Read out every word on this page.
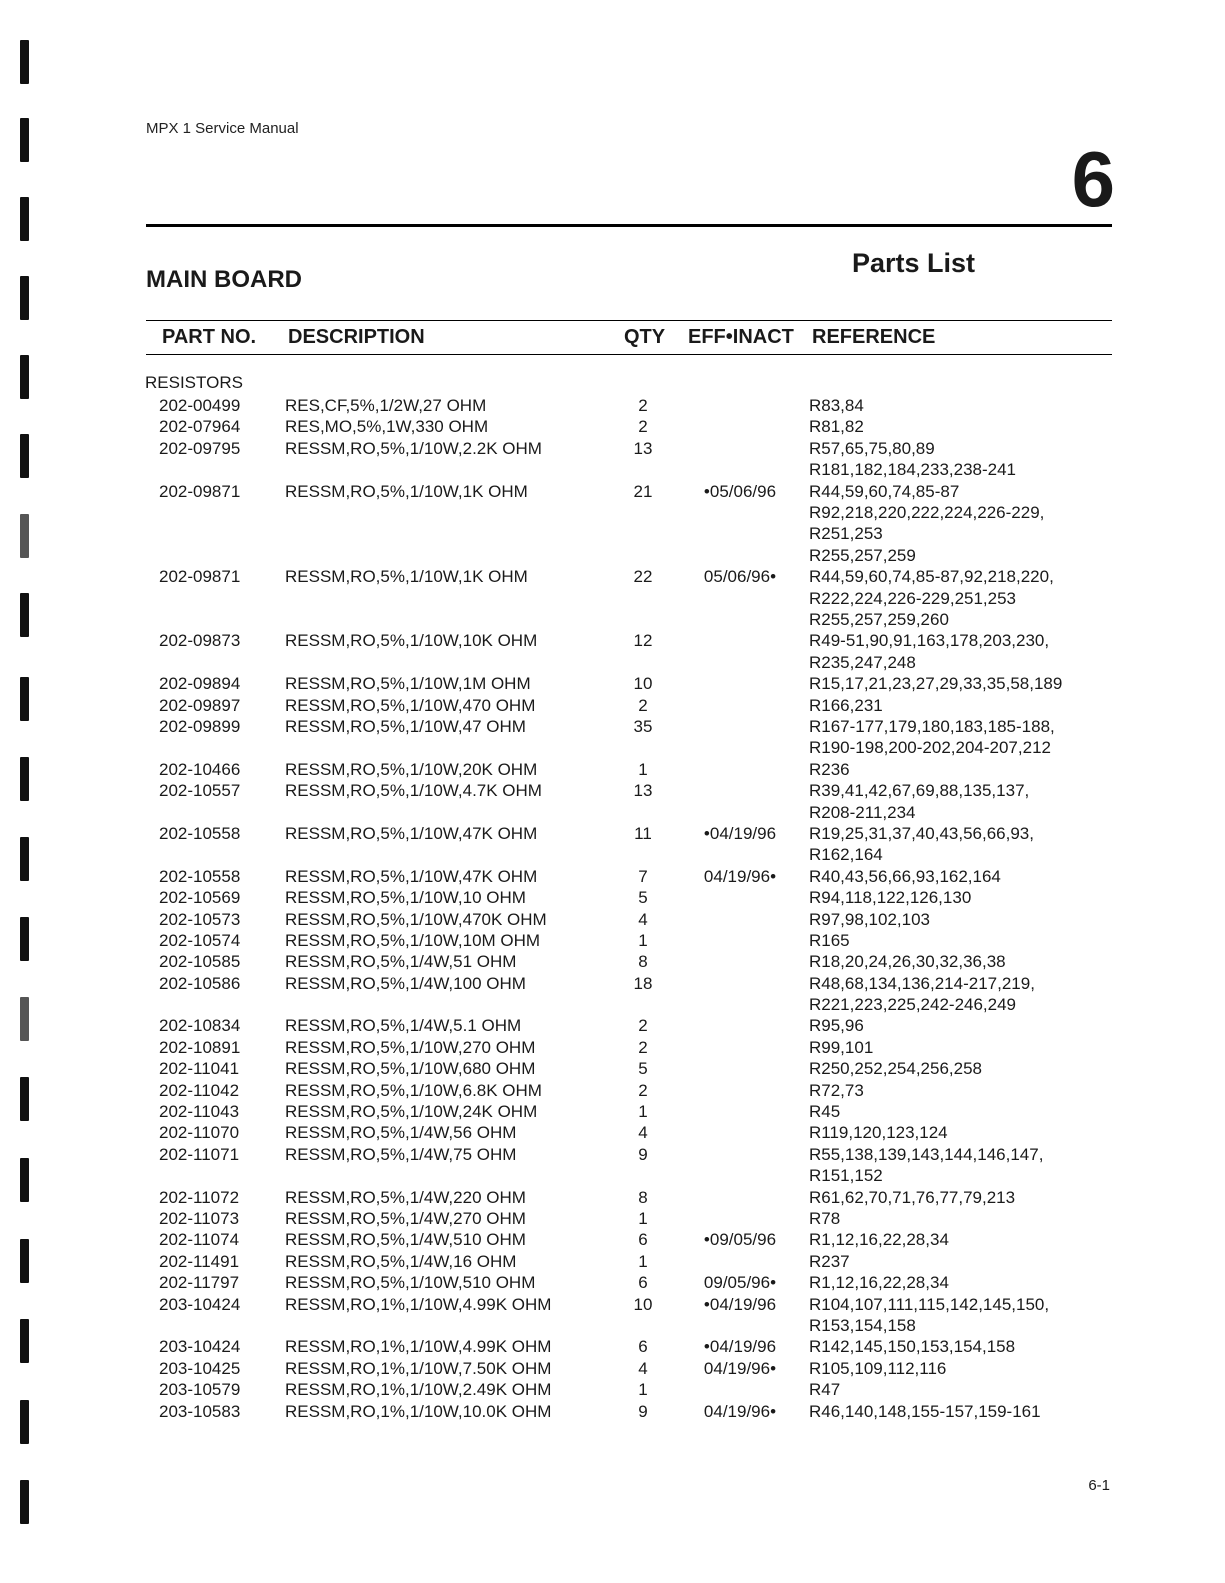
MPX 1 Service Manual
6
Parts List
MAIN BOARD
PART NO. DESCRIPTION	QTY EFF•INACT REFERENCE
RESISTORS
202-00499	RES,CF,5%,1/2W,27 OHM	2	R83,84
202-07964	RES,MO,5%,1W,330 OHM	2	R81,82
202-09795	RESSM,RO,5%,1/10W,2.2K OHM	13	R57,65,75,80,89
R181,182,184,233,238-241
202-09871	RESSM,RO,5%,1/10W,1K OHM	21	•05/06/96	R44,59,60,74,85-87
R92,218,220,222,224,226-229,
R251,253
R255,257,259
202-09871	RESSM,RO,5%,1/10W,1K OHM	22	05/06/96•	R44,59,60,74,85-87,92,218,220,
R222,224,226-229,251,253
R255,257,259,260
202-09873	RESSM,RO,5%,1/10W,10K OHM	12	R49-51,90,91,163,178,203,230,
R235,247,248
202-09894	RESSM,RO,5%,1/10W,1M OHM	10	R15,17,21,23,27,29,33,35,58,189
202-09897	RESSM,RO,5%,1/10W,470 OHM	2	R166,231
202-09899	RESSM,RO,5%,1/10W,47 OHM	35	R167-177,179,180,183,185-188,
R190-198,200-202,204-207,212
202-10466	RESSM,RO,5%,1/10W,20K OHM	1	R236
202-10557	RESSM,RO,5%,1/10W,4.7K OHM	13	R39,41,42,67,69,88,135,137,
R208-211,234
202-10558	RESSM,RO,5%,1/10W,47K OHM	11	•04/19/96	R19,25,31,37,40,43,56,66,93,
R162,164
202-10558	RESSM,RO,5%,1/10W,47K OHM	7	04/19/96•	R40,43,56,66,93,162,164
202-10569	RESSM,RO,5%,1/10W,10 OHM	5	R94,118,122,126,130
202-10573	RESSM,RO,5%,1/10W,470K OHM	4	R97,98,102,103
202-10574	RESSM,RO,5%,1/10W,10M OHM	1	R165
202-10585	RESSM,RO,5%,1/4W,51 OHM	8	R18,20,24,26,30,32,36,38
202-10586	RESSM,RO,5%,1/4W,100 OHM	18	R48,68,134,136,214-217,219,
R221,223,225,242-246,249
202-10834	RESSM,RO,5%,1/4W,5.1 OHM	2	R95,96
202-10891	RESSM,RO,5%,1/10W,270 OHM	2	R99,101
202-11041	RESSM,RO,5%,1/10W,680 OHM	5	R250,252,254,256,258
202-11042	RESSM,RO,5%,1/10W,6.8K OHM	2	R72,73
202-11043	RESSM,RO,5%,1/10W,24K OHM	1	R45
202-11070	RESSM,RO,5%,1/4W,56 OHM	4	R119,120,123,124
202-11071	RESSM,RO,5%,1/4W,75 OHM	9	R55,138,139,143,144,146,147,
R151,152
202-11072	RESSM,RO,5%,1/4W,220 OHM	8	R61,62,70,71,76,77,79,213
202-11073	RESSM,RO,5%,1/4W,270 OHM	1	R78
202-11074	RESSM,RO,5%,1/4W,510 OHM	6	•09/05/96	R1,12,16,22,28,34
202-11491	RESSM,RO,5%,1/4W,16 OHM	1	R237
202-11797	RESSM,RO,5%,1/10W,510 OHM	6	09/05/96•	R1,12,16,22,28,34
203-10424	RESSM,RO,1%,1/10W,4.99K OHM	10	•04/19/96	R104,107,111,115,142,145,150,
R153,154,158
203-10424	RESSM,RO,1%,1/10W,4.99K OHM	6	•04/19/96	R142,145,150,153,154,158
203-10425	RESSM,RO,1%,1/10W,7.50K OHM	4	04/19/96•	R105,109,112,116
203-10579	RESSM,RO,1%,1/10W,2.49K OHM	1	R47
203-10583	RESSM,RO,1%,1/10W,10.0K OHM	9	04/19/96•	R46,140,148,155-157,159-161
6-1
